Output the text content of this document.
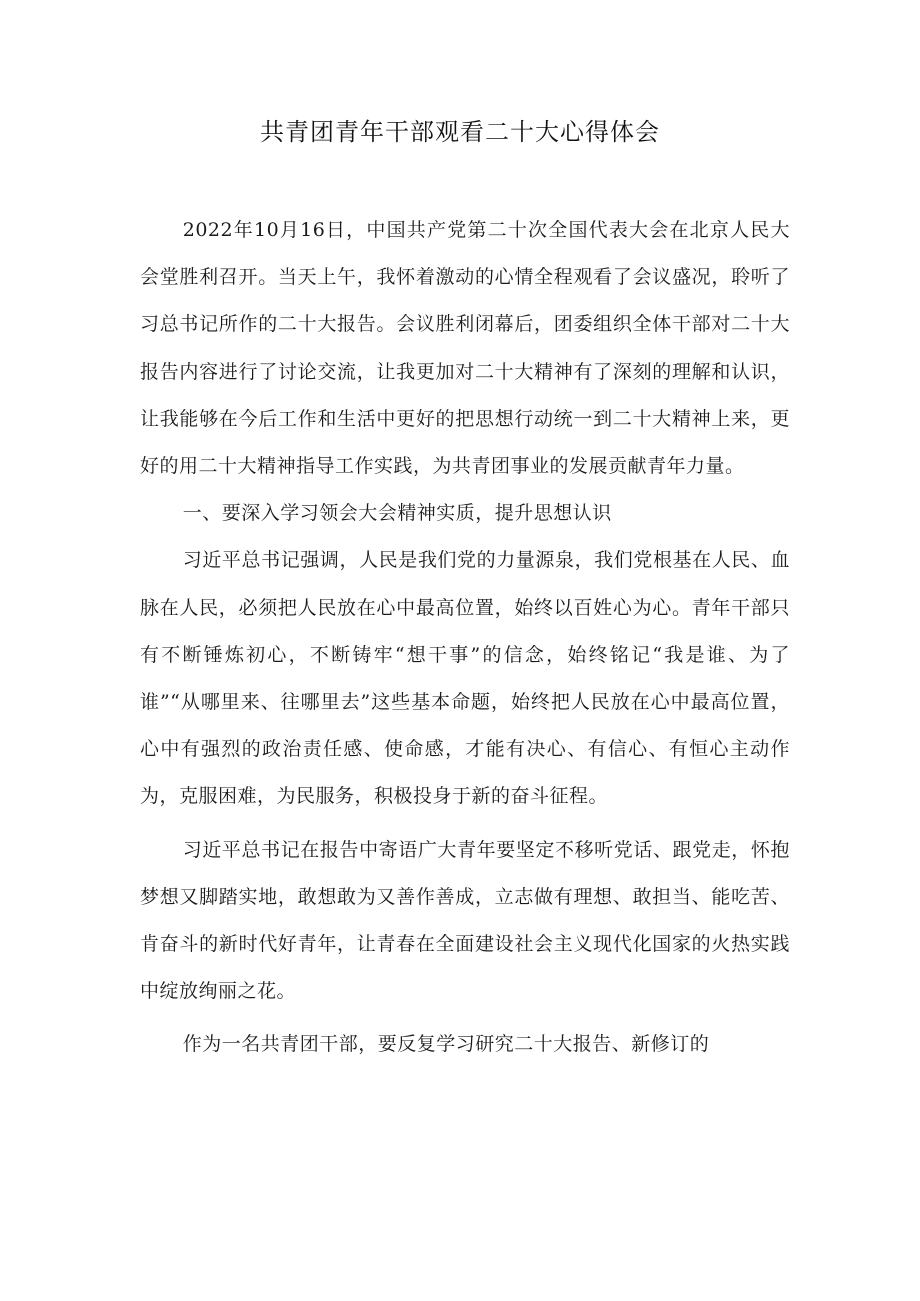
共青团青年干部观看二十大心得体会

2022年10月16日，中国共产党第二十次全国代表大会在北京人民大会堂胜利召开。当天上午，我怀着激动的心情全程观看了会议盛况，聆听了习总书记所作的二十大报告。会议胜利闭幕后，团委组织全体干部对二十大报告内容进行了讨论交流，让我更加对二十大精神有了深刻的理解和认识，让我能够在今后工作和生活中更好的把思想行动统一到二十大精神上来，更好的用二十大精神指导工作实践，为共青团事业的发展贡献青年力量。

一、要深入学习领会大会精神实质，提升思想认识

习近平总书记强调，人民是我们党的力量源泉，我们党根基在人民、血脉在人民，必须把人民放在心中最高位置，始终以百姓心为心。青年干部只有不断锤炼初心，不断铸牢“想干事”的信念，始终铭记“我是谁、为了谁”“从哪里来、往哪里去”这些基本命题，始终把人民放在心中最高位置，心中有强烈的政治责任感、使命感，才能有决心、有信心、有恒心主动作为，克服困难，为民服务，积极投身于新的奋斗征程。

习近平总书记在报告中寄语广大青年要坚定不移听党话、跟党走，怀抱梦想又脚踏实地，敢想敢为又善作善成，立志做有理想、敢担当、能吃苦、肯奋斗的新时代好青年，让青春在全面建设社会主义现代化国家的火热实践中绽放绚丽之花。

作为一名共青团干部，要反复学习研究二十大报告、新修订的
